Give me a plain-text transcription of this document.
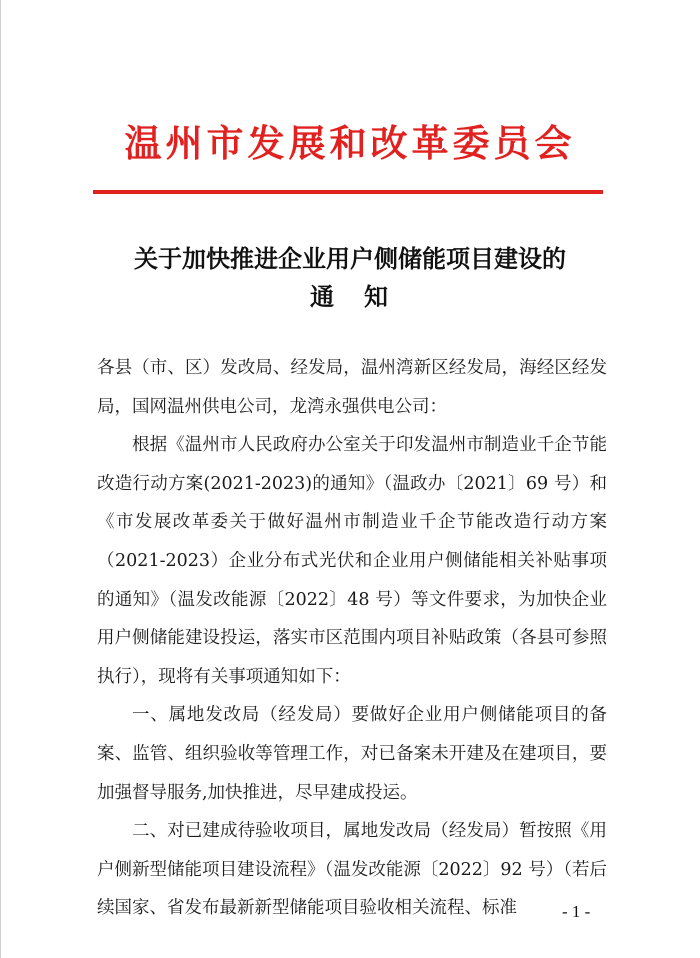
温州市发展和改革委员会
关于加快推进企业用户侧储能项目建设的
通知

各县（市、区）发改局、经发局，温州湾新区经发局，海经区经发局，国网温州供电公司，龙湾永强供电公司：

根据《温州市人民政府办公室关于印发温州市制造业千企节能改造行动方案(2021-2023)的通知》（温政办〔2021〕69 号）和《市发展改革委关于做好温州市制造业千企节能改造行动方案（2021-2023）企业分布式光伏和企业用户侧储能相关补贴事项的通知》（温发改能源〔2022〕48 号）等文件要求，为加快企业用户侧储能建设投运，落实市区范围内项目补贴政策（各县可参照执行），现将有关事项通知如下：

一、属地发改局（经发局）要做好企业用户侧储能项目的备案、监管、组织验收等管理工作，对已备案未开建及在建项目，要加强督导服务,加快推进，尽早建成投运。

二、对已建成待验收项目，属地发改局（经发局）暂按照《用户侧新型储能项目建设流程》（温发改能源〔2022〕92 号）（若后续国家、省发布最新新型储能项目验收相关流程、标准	- 1 -
